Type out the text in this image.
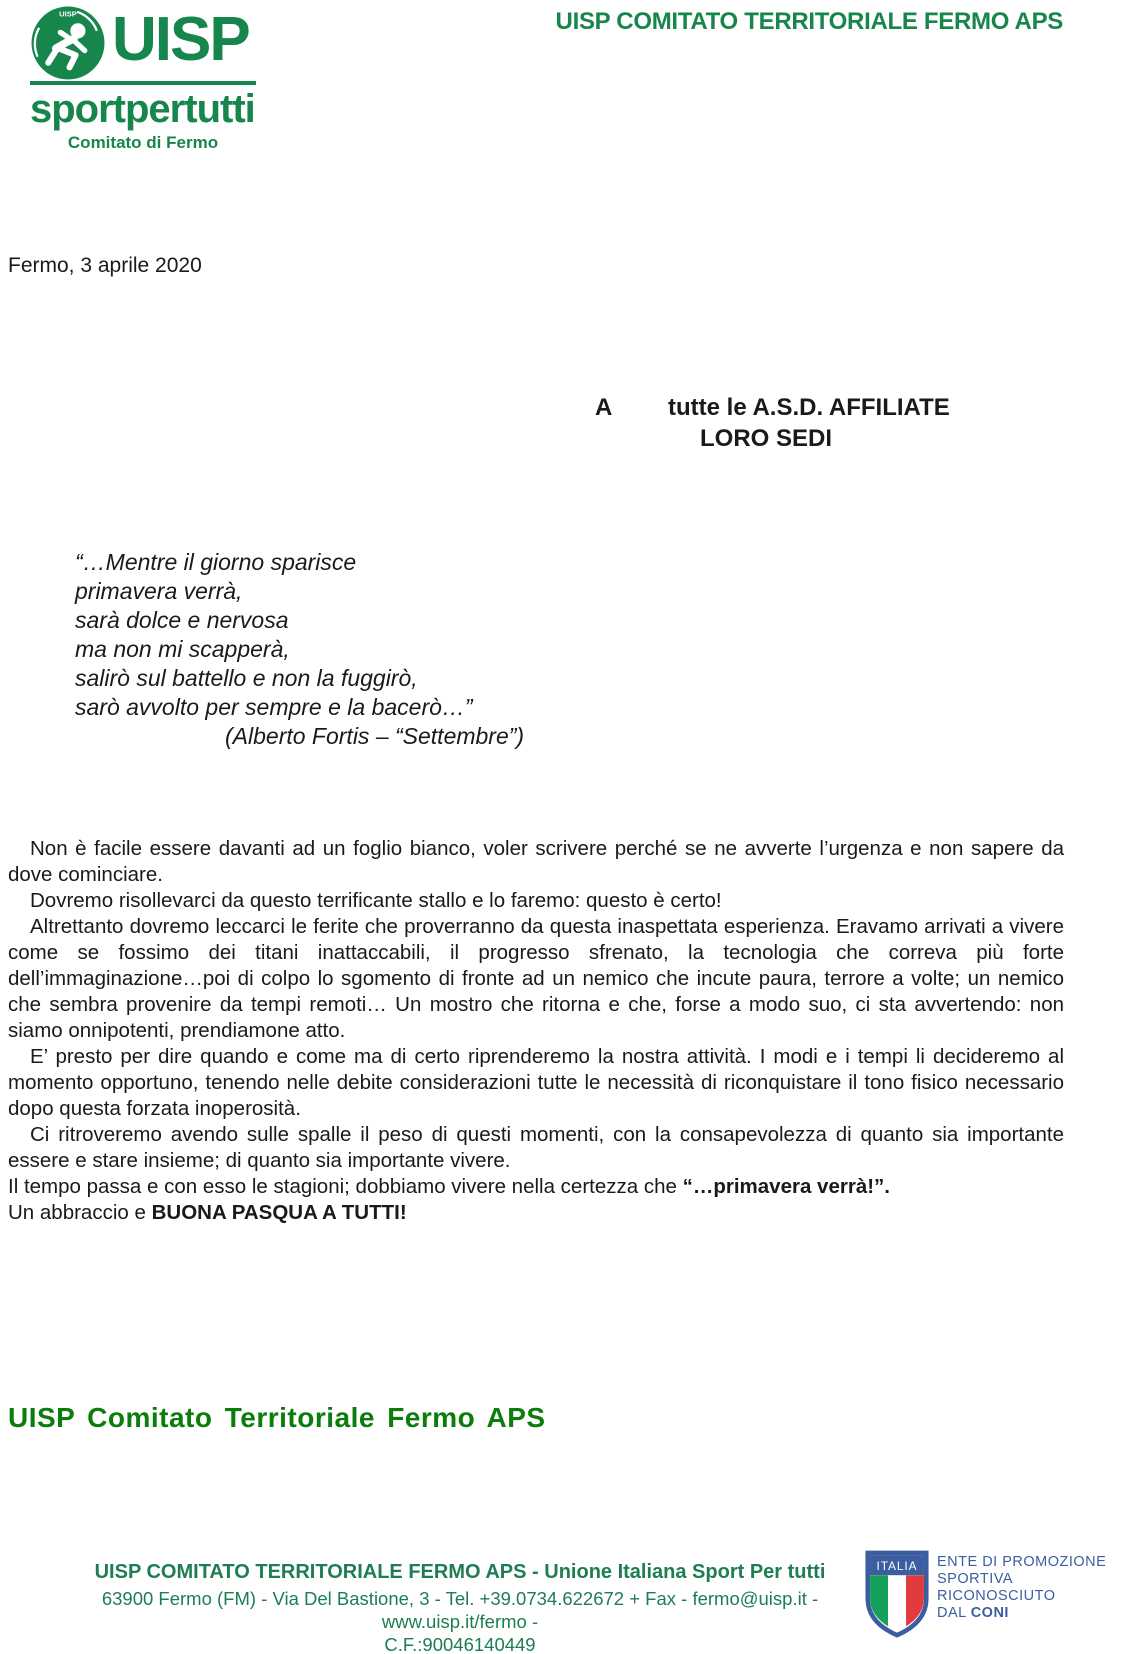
UISP UISP
sportpertutti
Comitato di Fermo
UISP COMITATO TERRITORIALE FERMO APS
Fermo, 3 aprile 2020
A	tutte le A.S.D. AFFILIATE
LORO SEDI
“…Mentre il giorno sparisce
primavera verrà,
sarà dolce e nervosa
ma non mi scapperà,
salirò sul battello e non la fuggirò,
sarò avvolto per sempre e la bacerò…”
(Alberto Fortis – “Settembre”)

Non è facile essere davanti ad un foglio bianco, voler scrivere perché se ne avverte l’urgenza e non sapere da dove cominciare.

Dovremo risollevarci da questo terrificante stallo e lo faremo: questo è certo!

Altrettanto dovremo leccarci le ferite che proverranno da questa inaspettata esperienza. Eravamo arrivati a vivere come se fossimo dei titani inattaccabili, il progresso sfrenato, la tecnologia che correva più forte dell’immaginazione…poi di colpo lo sgomento di fronte ad un nemico che incute paura, terrore a volte; un nemico che sembra provenire da tempi remoti… Un mostro che ritorna e che, forse a modo suo, ci sta avvertendo: non siamo onnipotenti, prendiamone atto.

E’ presto per dire quando e come ma di certo riprenderemo la nostra attività. I modi e i tempi li decideremo al momento opportuno, tenendo nelle debite considerazioni tutte le necessità di riconquistare il tono fisico necessario dopo questa forzata inoperosità.

Ci ritroveremo avendo sulle spalle il peso di questi momenti, con la consapevolezza di quanto sia importante essere e stare insieme; di quanto sia importante vivere.

Il tempo passa e con esso le stagioni; dobbiamo vivere nella certezza che “…primavera verrà!”.

Un abbraccio e BUONA PASQUA A TUTTI!

UISP Comitato Territoriale Fermo APS
UISP COMITATO TERRITORIALE FERMO APS - Unione Italiana Sport Per tutti
63900 Fermo (FM) - Via Del Bastione, 3 - Tel. +39.0734.622672 + Fax - fermo@uisp.it - www.uisp.it/fermo -
C.F.:90046140449
ITALIA ENTE DI PROMOZIONE
SPORTIVA
RICONOSCIUTO
DAL CONI
